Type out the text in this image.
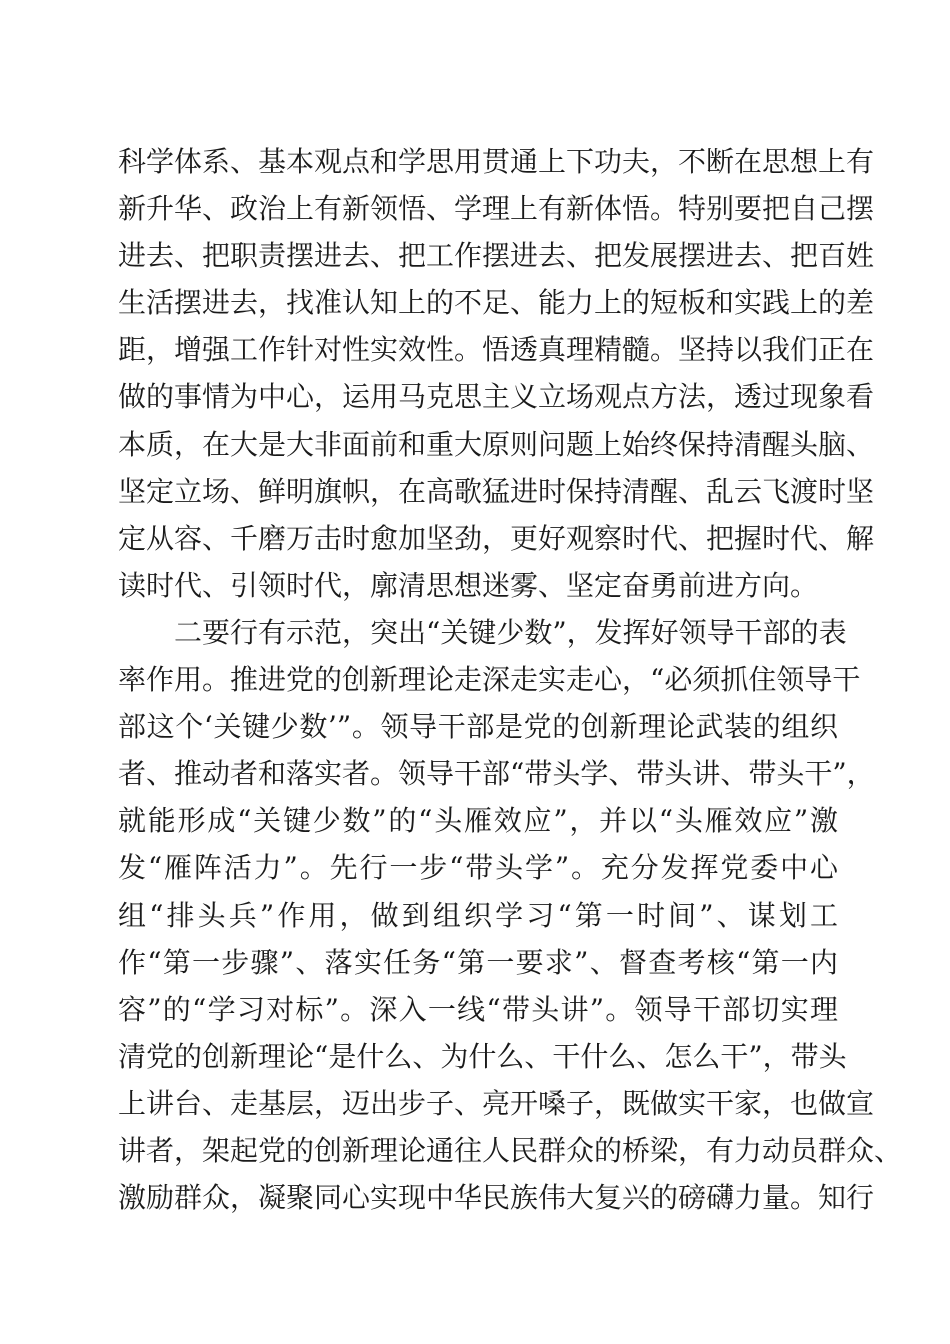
科学体系、基本观点和学思用贯通上下功夫，不断在思想上有
新升华、政治上有新领悟、学理上有新体悟。特别要把自己摆
进去、把职责摆进去、把工作摆进去、把发展摆进去、把百姓
生活摆进去，找准认知上的不足、能力上的短板和实践上的差
距，增强工作针对性实效性。悟透真理精髓。坚持以我们正在
做的事情为中心，运用马克思主义立场观点方法，透过现象看
本质，在大是大非面前和重大原则问题上始终保持清醒头脑、
坚定立场、鲜明旗帜，在高歌猛进时保持清醒、乱云飞渡时坚
定从容、千磨万击时愈加坚劲，更好观察时代、把握时代、解
读时代、引领时代，廓清思想迷雾、坚定奋勇前进方向。
二要行有示范，突出“关键少数”，发挥好领导干部的表
率作用。推进党的创新理论走深走实走心，“必须抓住领导干
部这个‘关键少数’”。领导干部是党的创新理论武装的组织
者、推动者和落实者。领导干部“带头学、带头讲、带头干”，
就能形成“关键少数”的“头雁效应”，并以“头雁效应”激
发“雁阵活力”。先行一步“带头学”。充分发挥党委中心
组“排头兵”作用，做到组织学习“第一时间”、谋划工
作“第一步骤”、落实任务“第一要求”、督查考核“第一内
容”的“学习对标”。深入一线“带头讲”。领导干部切实理
清党的创新理论“是什么、为什么、干什么、怎么干”，带头
上讲台、走基层，迈出步子、亮开嗓子，既做实干家，也做宣
讲者，架起党的创新理论通往人民群众的桥梁，有力动员群众、
激励群众，凝聚同心实现中华民族伟大复兴的磅礴力量。知行
